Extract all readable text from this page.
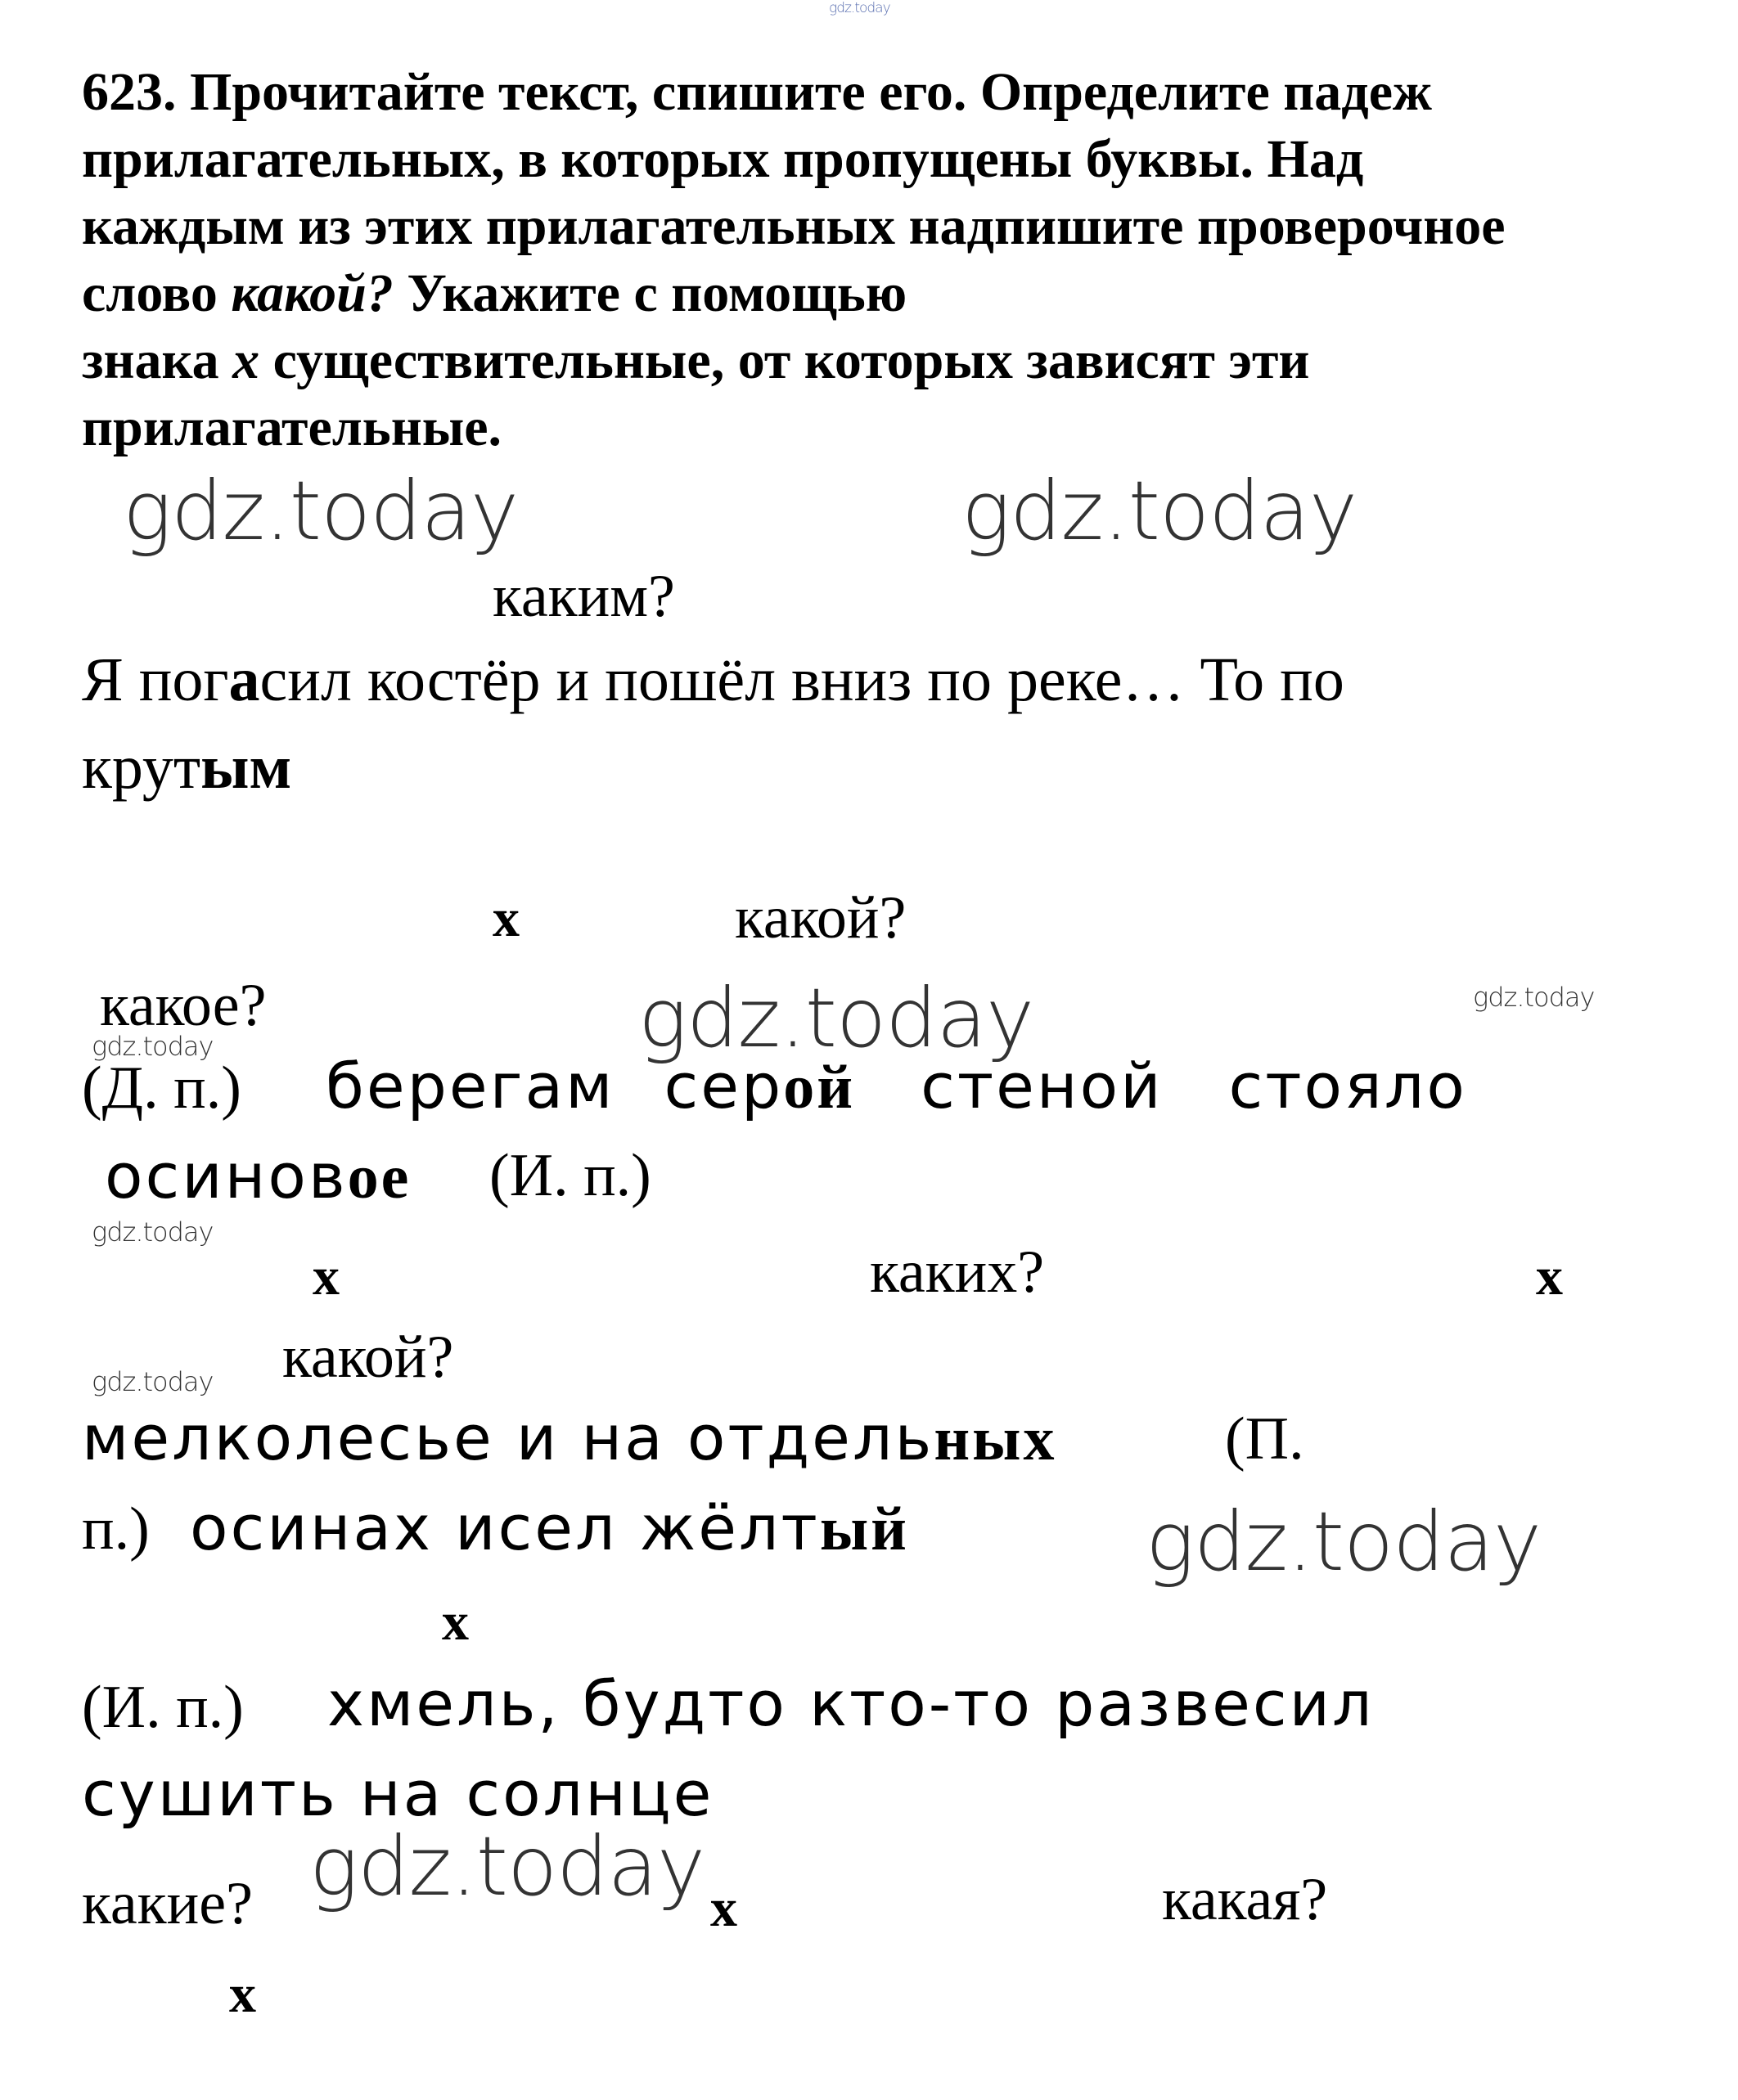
gdz.today
623. Прочитайте текст, спишите его. Определите падеж
прилагательных, в которых пропущены буквы. Над
каждым из этих прилагательных надпишите проверочное
слово какой? Укажите с помощью
знака х существительные, от которых зависят эти
прилагательные.
gdz.today	gdz.today
каким?
Я погасил костёр и пошёл вниз по реке… То по
крутым
х	какой?
какое?
gdz.today	gdz.today	gdz.today
(Д. п.) берегам серой стеной стояло
осиновое (И. п.)
gdz.today
х	каких?	х
какой?
gdz.today
мелколесье и на отдельных	(П.
п.) осинах исел жёлтый	gdz.today
х
(И. п.) хмель, будто кто-то развесил
сушить на солнце
какие? gdz.today х	какая?
х
